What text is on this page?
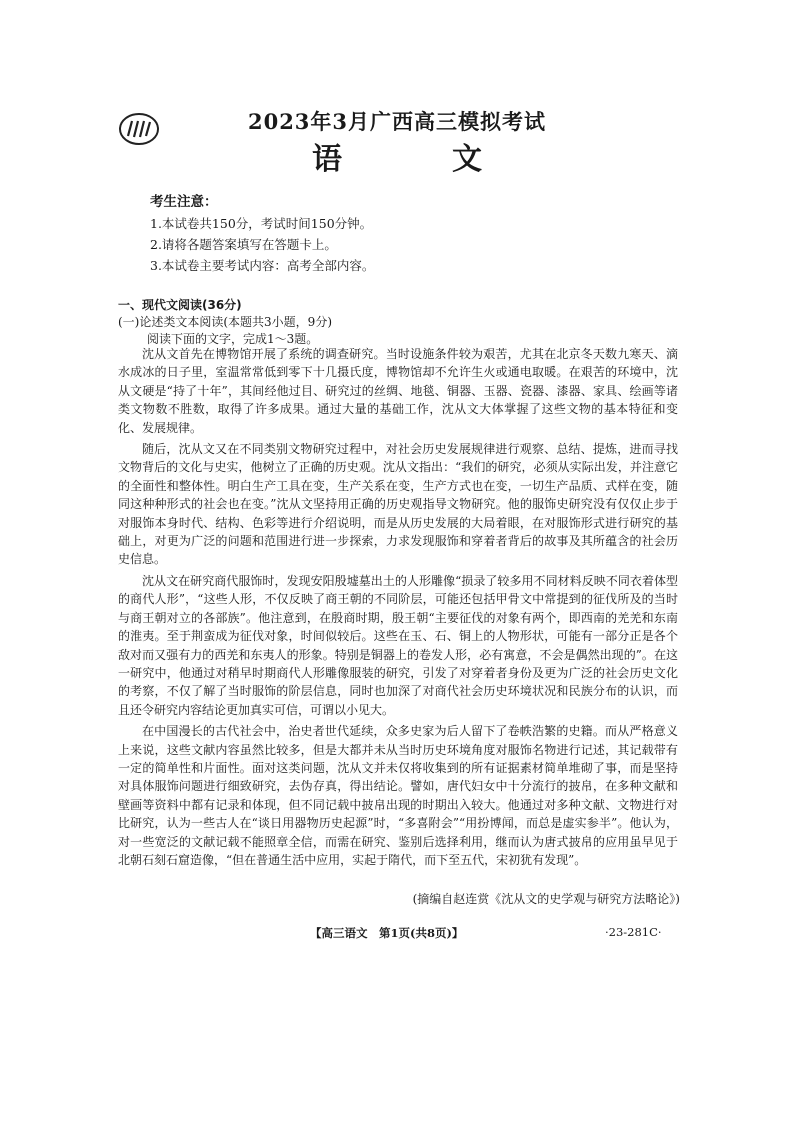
2023年3月广西高三模拟考试
语　文
考生注意：
1.本试卷共150分，考试时间150分钟。
2.请将各题答案填写在答题卡上。
3.本试卷主要考试内容：高考全部内容。
一、现代文阅读(36分)
(一)论述类文本阅读(本题共3小题，9分)
阅读下面的文字，完成1～3题。

沈从文首先在博物馆开展了系统的调查研究。当时设施条件较为艰苦，尤其在北京冬天数九寒天、滴水成冰的日子里，室温常常低到零下十几摄氏度，博物馆却不允许生火或通电取暖。在艰苦的环境中，沈从文硬是“持了十年”，其间经他过目、研究过的丝绸、地毯、铜器、玉器、瓷器、漆器、家具、绘画等诸类文物数不胜数，取得了许多成果。通过大量的基础工作，沈从文大体掌握了这些文物的基本特征和变化、发展规律。

随后，沈从文又在不同类别文物研究过程中，对社会历史发展规律进行观察、总结、提炼，进而寻找文物背后的文化与史实，他树立了正确的历史观。沈从文指出：“我们的研究，必须从实际出发，并注意它的全面性和整体性。明白生产工具在变，生产关系在变，生产方式也在变，一切生产品质、式样在变，随同这种种形式的社会也在变。”沈从文坚持用正确的历史观指导文物研究。他的服饰史研究没有仅仅止步于对服饰本身时代、结构、色彩等进行介绍说明，而是从历史发展的大局着眼，在对服饰形式进行研究的基础上，对更为广泛的问题和范围进行进一步探索，力求发现服饰和穿着者背后的故事及其所蕴含的社会历史信息。

沈从文在研究商代服饰时，发现安阳殷墟墓出土的人形雕像“损录了较多用不同材料反映不同衣着体型的商代人形”，“这些人形，不仅反映了商王朝的不同阶层，可能还包括甲骨文中常提到的征伐所及的当时与商王朝对立的各部族”。他注意到，在殷商时期，殷王朝“主要征伐的对象有两个，即西南的羌羌和东南的淮夷。至于荆蛮成为征伐对象，时间似较后。这些在玉、石、铜上的人物形状，可能有一部分正是各个敌对而又强有力的西羌和东夷人的形象。特别是铜器上的卷发人形，必有寓意，不会是偶然出现的”。在这一研究中，他通过对稍早时期商代人形雕像服装的研究，引发了对穿着者身份及更为广泛的社会历史文化的考察，不仅了解了当时服饰的阶层信息，同时也加深了对商代社会历史环境状况和民族分布的认识，而且还令研究内容结论更加真实可信，可谓以小见大。

在中国漫长的古代社会中，治史者世代延续，众多史家为后人留下了卷帙浩繁的史籍。而从严格意义上来说，这些文献内容虽然比较多，但是大都并未从当时历史环境角度对服饰名物进行记述，其记载带有一定的简单性和片面性。面对这类问题，沈从文并未仅将收集到的所有证据素材简单堆砌了事，而是坚持对具体服饰问题进行细致研究，去伪存真，得出结论。譬如，唐代妇女中十分流行的披帛，在多种文献和壁画等资料中都有记录和体现，但不同记载中披帛出现的时期出入较大。他通过对多种文献、文物进行对比研究，认为一些古人在“谈日用器物历史起源”时，“多喜附会”“用扮博闻，而总是虚实参半”。他认为，对一些宽泛的文献记载不能照章全信，而需在研究、鉴别后选择利用，继而认为唐式披帛的应用虽早见于北朝石刻石窟造像，“但在普通生活中应用，实起于隋代，而下至五代，宋初犹有发现”。

(摘编自赵连赏《沈从文的史学观与研究方法略论》)
【高三语文　第1页(共8页)】	·23-281C·
